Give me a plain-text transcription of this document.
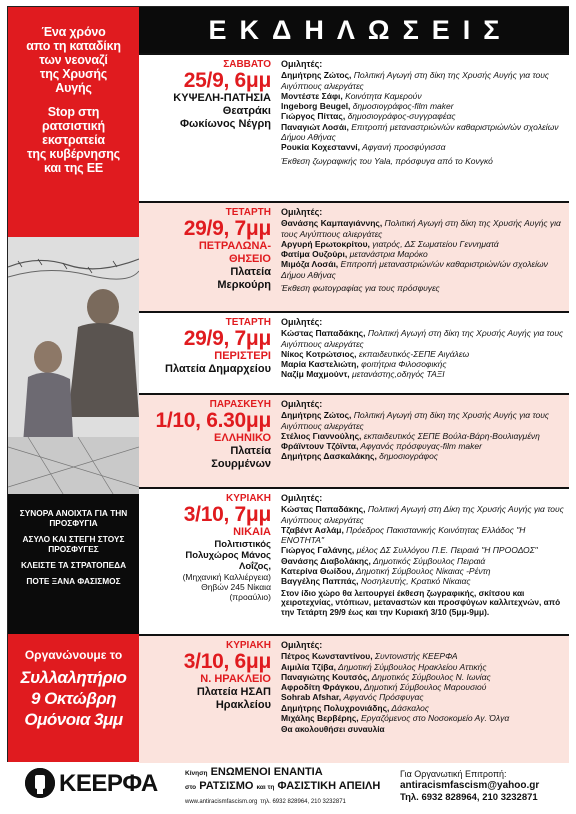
Ένα χρόνο

απο τη καταδίκη

των νεοναζί

της Χρυσής

Αυγής

Stop στη

ρατσιστική

εκστρατεία

της κυβέρνησης

και της ΕΕ

ΣΥΝΟΡΑ ΑΝΟΙΧΤΑ ΓΙΑ ΤΗΝ ΠΡΟΣΦΥΓΙΑ

ΑΣΥΛΟ ΚΑΙ ΣΤΕΓΗ ΣΤΟΥΣ ΠΡΟΣΦΥΓΕΣ

ΚΛΕΙΣΤΕ ΤΑ ΣΤΡΑΤΟΠΕΔΑ

ΠΟΤΕ ΞΑΝΑ ΦΑΣΙΣΜΟΣ

Οργανώνουμε το
Συλλαλητήριο
9 Οκτώβρη
Ομόνοια 3μμ
ΕΚΔΗΛΩΣΕΙΣ
ΣΑΒΒΑΤΟ
25/9, 6μμ
ΚΥΨΕΛΗ-ΠΑΤΗΣΙΑ
Θεατράκι
Φωκίωνος Νέγρη
Ομιλητές:
Δημήτρης Ζώτος, Πολιτική Αγωγή στη δίκη της Χρυσής Αυγής για τους Αιγύπτιους αλιεργάτες
Μοντέστε Σάφι, Κοινότητα Καμερούν
Ingeborg Beugel, δημοσιογράφος-film maker
Γιώργος Πίττας, δημοσιογράφος-συγγραφέας
Παναγιώτ Λοσάι, Επιτροπή μεταναστριών/ών καθαριστριών/ών σχολείων Δήμου Αθήνας
Ρουκία Κοχεσταννί, Αφγανή προσφύγισσα
Έκθεση ζωγραφικής του Yala, πρόσφυγα από το Κονγκό
ΤΕΤΑΡΤΗ
29/9, 7μμ
ΠΕΤΡΑΛΩΝΑ-
ΘΗΣΕΙΟ
Πλατεία
Μερκούρη
Ομιλητές:
Θανάσης Καμπαγιάννης, Πολιτική Αγωγή στη δίκη της Χρυσής Αυγής για τους Αιγύπτιους αλιεργάτες
Αργυρή Ερωτοκρίτου, γιατρός, ΔΣ Σωματείου Γεννηματά
Φατίμα Ουζούρι, μετανάστρια Μαρόκο
Μιμόζα Λοσάι, Επιτροπή μεταναστριών/ών καθαριστριών/ών σχολείων Δήμου Αθήνας
Έκθεση φωτογραφίας για τους πρόσφυγες
ΤΕΤΑΡΤΗ
29/9, 7μμ
ΠΕΡΙΣΤΕΡΙ
Πλατεία Δημαρχείου
Ομιλητές:
Κώστας Παπαδάκης, Πολιτική Αγωγή στη δίκη της Χρυσής Αυγής για τους Αιγύπτιους αλιεργάτες
Νίκος Κοτρώτσιος, εκπαιδευτικός-ΣΕΠΕ Αιγάλεω
Μαρία Καστελιώτη, φοιτήτρια Φιλοσοφικής
Ναζίμ Μαχμούντ, μετανάστης,οδηγός ΤΑΞΙ
ΠΑΡΑΣΚΕΥΗ
1/10, 6.30μμ
ΕΛΛΗΝΙΚΟ
Πλατεία
Σουρμένων
Ομιλητές:
Δημήτρης Ζώτος, Πολιτική Αγωγή στη δίκη της Χρυσής Αυγής για τους Αιγύπτιους αλιεργάτες
Στέλιος Γιαννούλης, εκπαιδευτικός ΣΕΠΕ Βούλα-Βάρη-Βουλιαγμένη
Φράϊντουν Τζόϊντα, Αφγανός πρόσφυγας-film maker
Δημήτρης Δασκαλάκης, δημοσιογράφος
ΚΥΡΙΑΚΗ
3/10, 7μμ
ΝΙΚΑΙΑ
Πολιτιστικός
Πολυχώρος Μάνος
Λοΐζος,
(Μηχανική Καλλιέργεια)
Θηβών 245 Νίκαια
(προαύλιο)
Ομιλητές:
Κώστας Παπαδάκης, Πολιτική Αγωγή στη Δίκη της Χρυσής Αυγής για τους Αιγύπτιους αλιεργάτες
Τζαβέντ Ασλάμ, Πρόεδρος Πακιστανικής Κοινότητας Ελλάδος "Η ΕΝΟΤΗΤΑ"
Γιώργος Γαλάνης, μέλος ΔΣ Συλλόγου Π.Ε. Πειραιά "Η ΠΡΟΟΔΟΣ"
Θανάσης Διαβολάκης, Δημοτικός Σύμβουλος Πειραιά
Κατερίνα Θωίδου, Δημοτική Σύμβουλος Νίκαιας -Ρέντη
Βαγγέλης Παππάς, Νοσηλευτής, Κρατικό Νίκαιας
Στον ίδιο χώρο θα λειτουργεί έκθεση ζωγραφικής, σκίτσου και χειροτεχνίας, ντόπιων, μεταναστών και προσφύγων καλλιτεχνών, από την Τετάρτη 29/9 έως και την Κυριακή 3/10 (5μμ-9μμ).
ΚΥΡΙΑΚΗ
3/10, 6μμ
Ν. ΗΡΑΚΛΕΙΟ
Πλατεία ΗΣΑΠ
Ηρακλείου
Ομιλητές:
Πέτρος Κωνσταντίνου, Συντονιστής ΚΕΕΡΦΑ
Αιμιλία Τζίβα, Δημοτική Σύμβουλος Ηρακλείου Αττικής
Παναγιώτης Κουτσός, Δημοτικός Σύμβουλος Ν. Ιωνίας
Αφροδίτη Φράγκου, Δημοτική Σύμβουλος Μαρουσιού
Sohrab Afshar, Αφγανός Πρόσφυγας
Δημήτρης Πολυχρονιάδης, Δάσκαλος
Μιχάλης Βερβέρης, Εργαζόμενος στο Νοσοκομείο Αγ. Όλγα
Θα ακολουθήσει συναυλία
ΚΕΕΡΦΑ	Κίνηση ΕΝΩΜΕΝΟΙ ΕΝΑΝΤΙΑ
στο ΡΑΤΣΙΣΜΟ και τη ΦΑΣΙΣΤΙΚΗ ΑΠΕΙΛΗ
www.antiracismfascism.org τηλ. 6932 828964, 210 3232871
Για Οργανωτική Επιτροπή:
antiracismfascism@yahoo.gr
Τηλ. 6932 828964, 210 3232871
